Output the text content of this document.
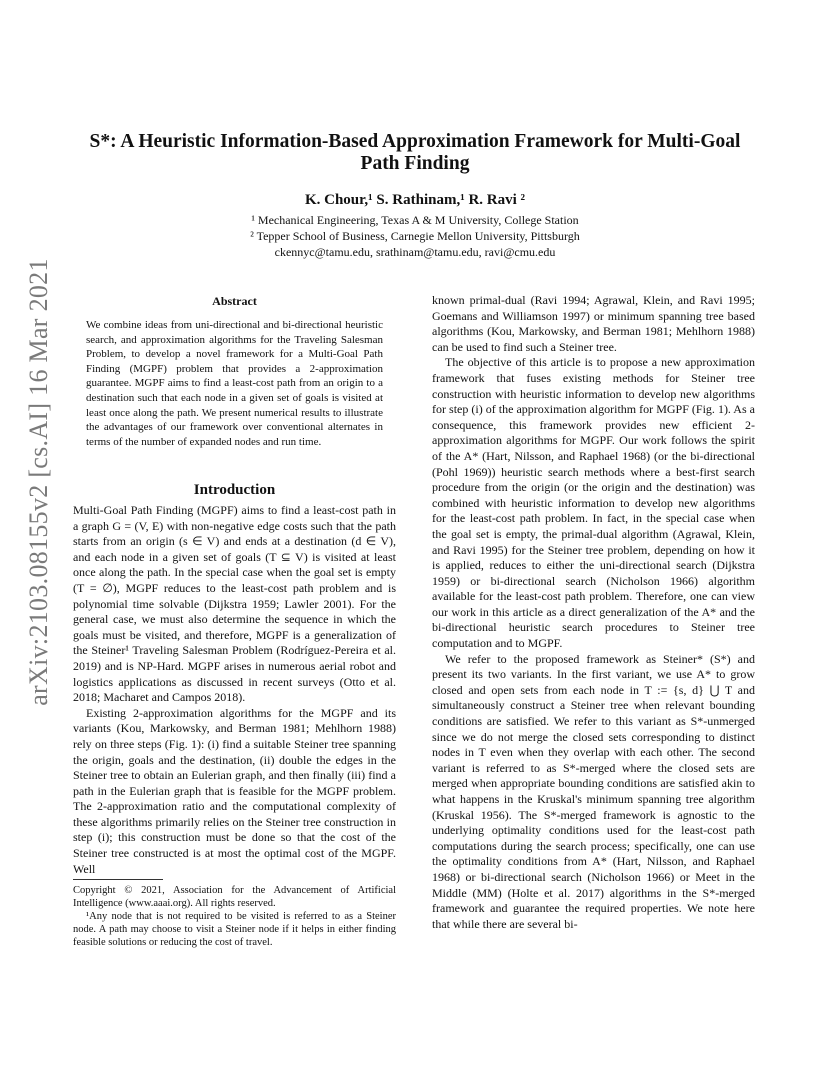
arXiv:2103.08155v2 [cs.AI] 16 Mar 2021
S*: A Heuristic Information-Based Approximation Framework for Multi-Goal Path Finding
K. Chour,¹ S. Rathinam,¹ R. Ravi ²
¹ Mechanical Engineering, Texas A & M University, College Station
² Tepper School of Business, Carnegie Mellon University, Pittsburgh
ckennyc@tamu.edu, srathinam@tamu.edu, ravi@cmu.edu
Abstract
We combine ideas from uni-directional and bi-directional heuristic search, and approximation algorithms for the Traveling Salesman Problem, to develop a novel framework for a Multi-Goal Path Finding (MGPF) problem that provides a 2-approximation guarantee. MGPF aims to find a least-cost path from an origin to a destination such that each node in a given set of goals is visited at least once along the path. We present numerical results to illustrate the advantages of our framework over conventional alternates in terms of the number of expanded nodes and run time.
Introduction

Multi-Goal Path Finding (MGPF) aims to find a least-cost path in a graph G = (V, E) with non-negative edge costs such that the path starts from an origin (s ∈ V) and ends at a destination (d ∈ V), and each node in a given set of goals (T ⊆ V) is visited at least once along the path. In the special case when the goal set is empty (T = ∅), MGPF reduces to the least-cost path problem and is polynomial time solvable (Dijkstra 1959; Lawler 2001). For the general case, we must also determine the sequence in which the goals must be visited, and therefore, MGPF is a generalization of the Steiner¹ Traveling Salesman Problem (Rodríguez-Pereira et al. 2019) and is NP-Hard. MGPF arises in numerous aerial robot and logistics applications as discussed in recent surveys (Otto et al. 2018; Macharet and Campos 2018).

Existing 2-approximation algorithms for the MGPF and its variants (Kou, Markowsky, and Berman 1981; Mehlhorn 1988) rely on three steps (Fig. 1): (i) find a suitable Steiner tree spanning the origin, goals and the destination, (ii) double the edges in the Steiner tree to obtain an Eulerian graph, and then finally (iii) find a path in the Eulerian graph that is feasible for the MGPF problem. The 2-approximation ratio and the computational complexity of these algorithms primarily relies on the Steiner tree construction in step (i); this construction must be done so that the cost of the Steiner tree constructed is at most the optimal cost of the MGPF. Well

Copyright © 2021, Association for the Advancement of Artificial Intelligence (www.aaai.org). All rights reserved.

¹Any node that is not required to be visited is referred to as a Steiner node. A path may choose to visit a Steiner node if it helps in either finding feasible solutions or reducing the cost of travel.

known primal-dual (Ravi 1994; Agrawal, Klein, and Ravi 1995; Goemans and Williamson 1997) or minimum spanning tree based algorithms (Kou, Markowsky, and Berman 1981; Mehlhorn 1988) can be used to find such a Steiner tree.

The objective of this article is to propose a new approximation framework that fuses existing methods for Steiner tree construction with heuristic information to develop new algorithms for step (i) of the approximation algorithm for MGPF (Fig. 1). As a consequence, this framework provides new efficient 2-approximation algorithms for MGPF. Our work follows the spirit of the A* (Hart, Nilsson, and Raphael 1968) (or the bi-directional (Pohl 1969)) heuristic search methods where a best-first search procedure from the origin (or the origin and the destination) was combined with heuristic information to develop new algorithms for the least-cost path problem. In fact, in the special case when the goal set is empty, the primal-dual algorithm (Agrawal, Klein, and Ravi 1995) for the Steiner tree problem, depending on how it is applied, reduces to either the uni-directional search (Dijkstra 1959) or bi-directional search (Nicholson 1966) algorithm available for the least-cost path problem. Therefore, one can view our work in this article as a direct generalization of the A* and the bi-directional heuristic search procedures to Steiner tree computation and to MGPF.

We refer to the proposed framework as Steiner* (S*) and present its two variants. In the first variant, we use A* to grow closed and open sets from each node in T := {s, d} ⋃ T and simultaneously construct a Steiner tree when relevant bounding conditions are satisfied. We refer to this variant as S*-unmerged since we do not merge the closed sets corresponding to distinct nodes in T even when they overlap with each other. The second variant is referred to as S*-merged where the closed sets are merged when appropriate bounding conditions are satisfied akin to what happens in the Kruskal's minimum spanning tree algorithm (Kruskal 1956). The S*-merged framework is agnostic to the underlying optimality conditions used for the least-cost path computations during the search process; specifically, one can use the optimality conditions from A* (Hart, Nilsson, and Raphael 1968) or bi-directional search (Nicholson 1966) or Meet in the Middle (MM) (Holte et al. 2017) algorithms in the S*-merged framework and guarantee the required properties. We note here that while there are several bi-
